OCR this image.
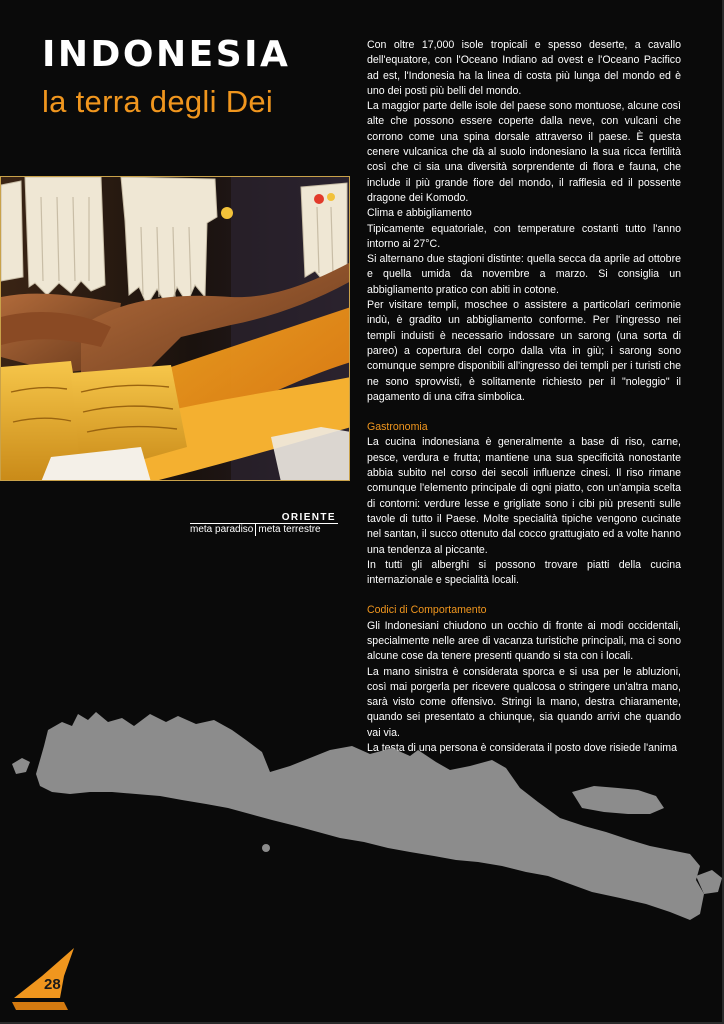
INDONESIA
la terra degli Dei
ORIENTE
meta paradiso meta terrestre

Con oltre 17,000 isole tropicali e spesso deserte, a cavallo dell'equatore, con l'Oceano Indiano ad ovest e l'Oceano Pacifico ad est, l'Indonesia ha la linea di costa più lunga del mondo ed è uno dei posti più belli del mondo.

La maggior parte delle isole del paese sono montuose, alcune così alte che possono essere coperte dalla neve, con vulcani che corrono come una spina dorsale attraverso il paese. È questa cenere vulcanica che dà al suolo indonesiano la sua ricca fertilità così che ci sia una diversità sorprendente di flora e fauna, che include il più grande fiore del mondo, il rafflesia ed il possente dragone dei Komodo.

Clima e abbigliamento

Tipicamente equatoriale, con temperature costanti tutto l'anno intorno ai 27°C.

Si alternano due stagioni distinte: quella secca da aprile ad ottobre e quella umida da novembre a marzo. Si consiglia un abbigliamento pratico con abiti in cotone.

Per visitare templi, moschee o assistere a particolari cerimonie indù, è gradito un abbigliamento conforme. Per l'ingresso nei templi induisti è necessario indossare un sarong (una sorta di pareo) a copertura del corpo dalla vita in giù; i sarong sono comunque sempre disponibili all'ingresso dei templi per i turisti che ne sono sprovvisti, è solitamente richiesto per il "noleggio" il pagamento di una cifra simbolica.

Gastronomia

La cucina indonesiana è generalmente a base di riso, carne, pesce, verdura e frutta; mantiene una sua specificità nonostante abbia subito nel corso dei secoli influenze cinesi. Il riso rimane comunque l'elemento principale di ogni piatto, con un'ampia scelta di contorni: verdure lesse e grigliate sono i cibi più presenti sulle tavole di tutto il Paese. Molte specialità tipiche vengono cucinate nel santan, il succo ottenuto dal cocco grattugiato ed a volte hanno una tendenza al piccante.

In tutti gli alberghi si possono trovare piatti della cucina internazionale e specialità locali.

Codici di Comportamento

Gli Indonesiani chiudono un occhio di fronte ai modi occidentali, specialmente nelle aree di vacanza turistiche principali, ma ci sono alcune cose da tenere presenti quando si sta con i locali.

La mano sinistra è considerata sporca e si usa per le abluzioni, così mai porgerla per ricevere qualcosa o stringere un'altra mano, sarà visto come offensivo. Stringi la mano, destra chiaramente, quando sei presentato a chiunque, sia quando arrivi che quando vai via.

La testa di una persona è considerata il posto dove risiede l'anima

28
